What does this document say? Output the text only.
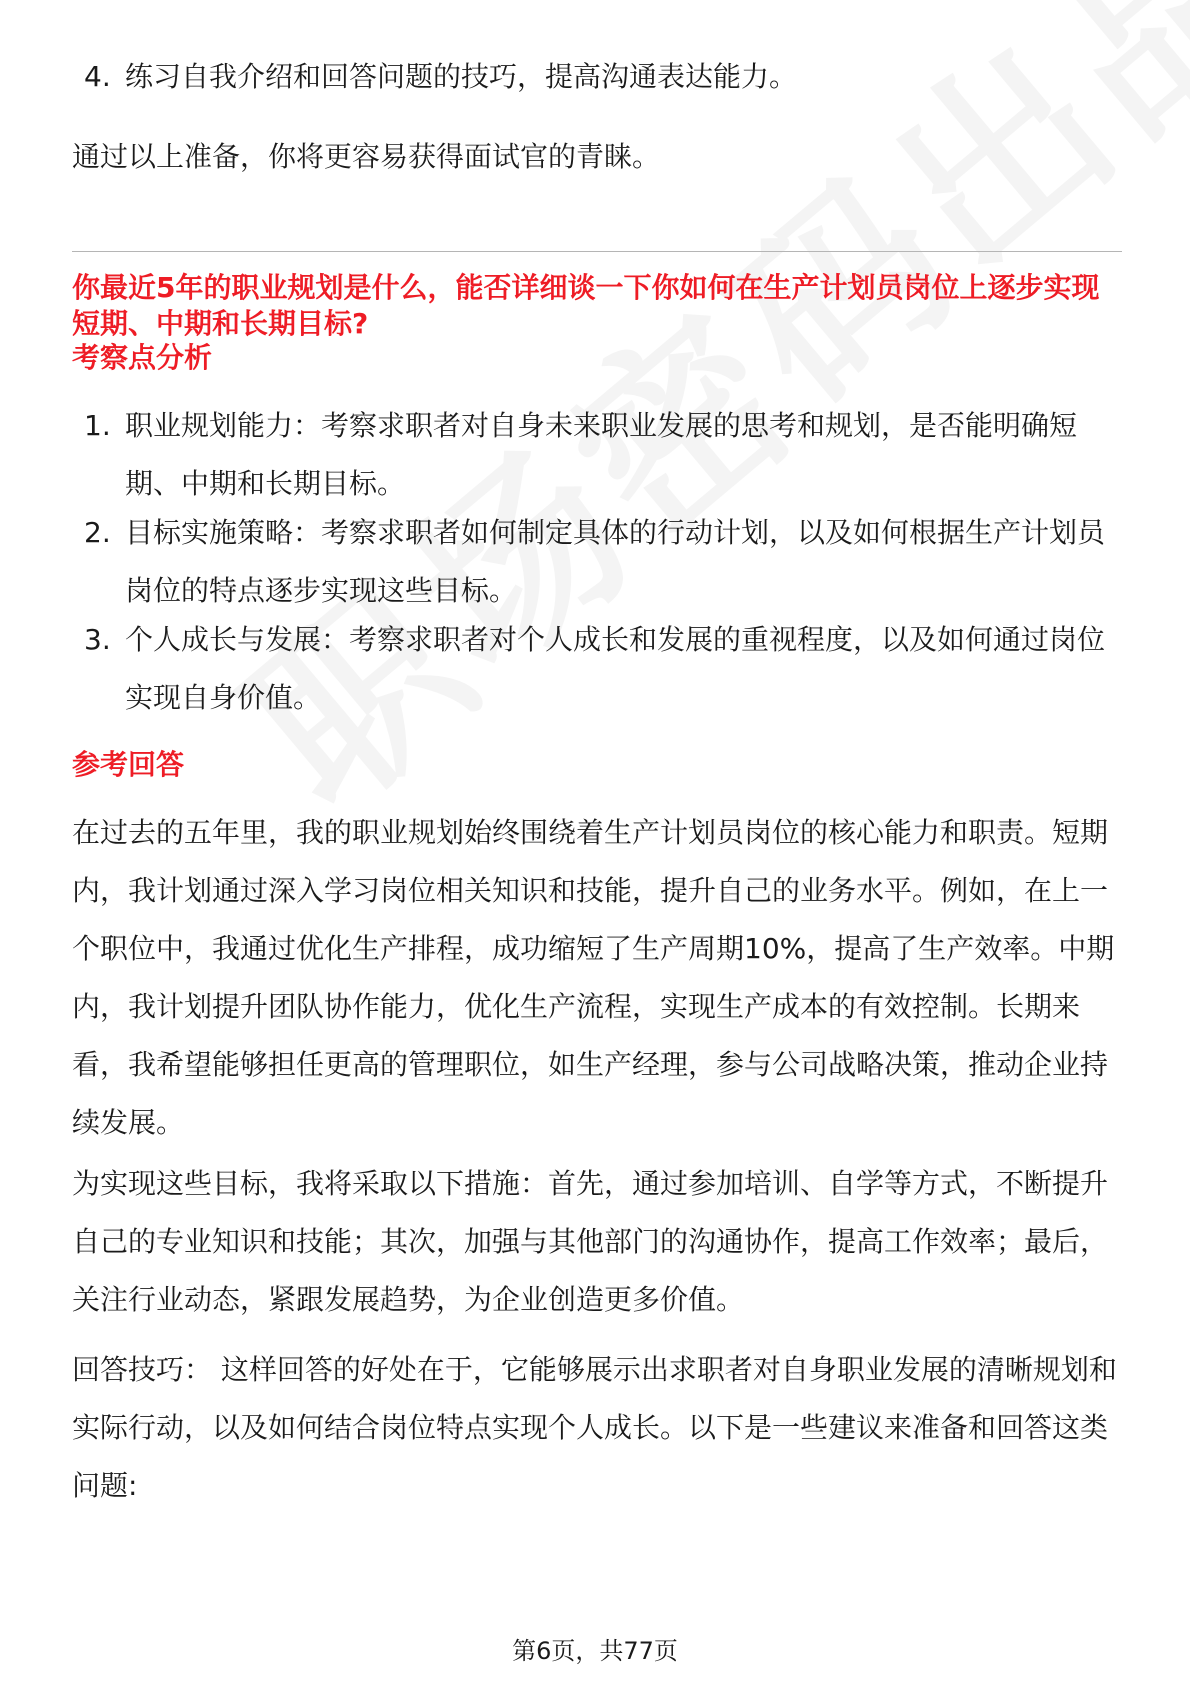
4. 练习自我介绍和回答问题的技巧，提高沟通表达能力。
通过以上准备，你将更容易获得面试官的青睐。
你最近5年的职业规划是什么，能否详细谈一下你如何在生产计划员岗位上逐步实现短期、中期和长期目标?
考察点分析
1. 职业规划能力：考察求职者对自身未来职业发展的思考和规划，是否能明确短期、中期和长期目标。
2. 目标实施策略：考察求职者如何制定具体的行动计划，以及如何根据生产计划员岗位的特点逐步实现这些目标。
3. 个人成长与发展：考察求职者对个人成长和发展的重视程度，以及如何通过岗位实现自身价值。
参考回答
在过去的五年里，我的职业规划始终围绕着生产计划员岗位的核心能力和职责。短期内，我计划通过深入学习岗位相关知识和技能，提升自己的业务水平。例如，在上一个职位中，我通过优化生产排程，成功缩短了生产周期10%，提高了生产效率。中期内，我计划提升团队协作能力，优化生产流程，实现生产成本的有效控制。长期来看，我希望能够担任更高的管理职位，如生产经理，参与公司战略决策，推动企业持续发展。
为实现这些目标，我将采取以下措施：首先，通过参加培训、自学等方式，不断提升自己的专业知识和技能；其次，加强与其他部门的沟通协作，提高工作效率；最后，关注行业动态，紧跟发展趋势，为企业创造更多价值。
回答技巧： 这样回答的好处在于，它能够展示出求职者对自身职业发展的清晰规划和实际行动，以及如何结合岗位特点实现个人成长。以下是一些建议来准备和回答这类问题:
第6页，共77页
